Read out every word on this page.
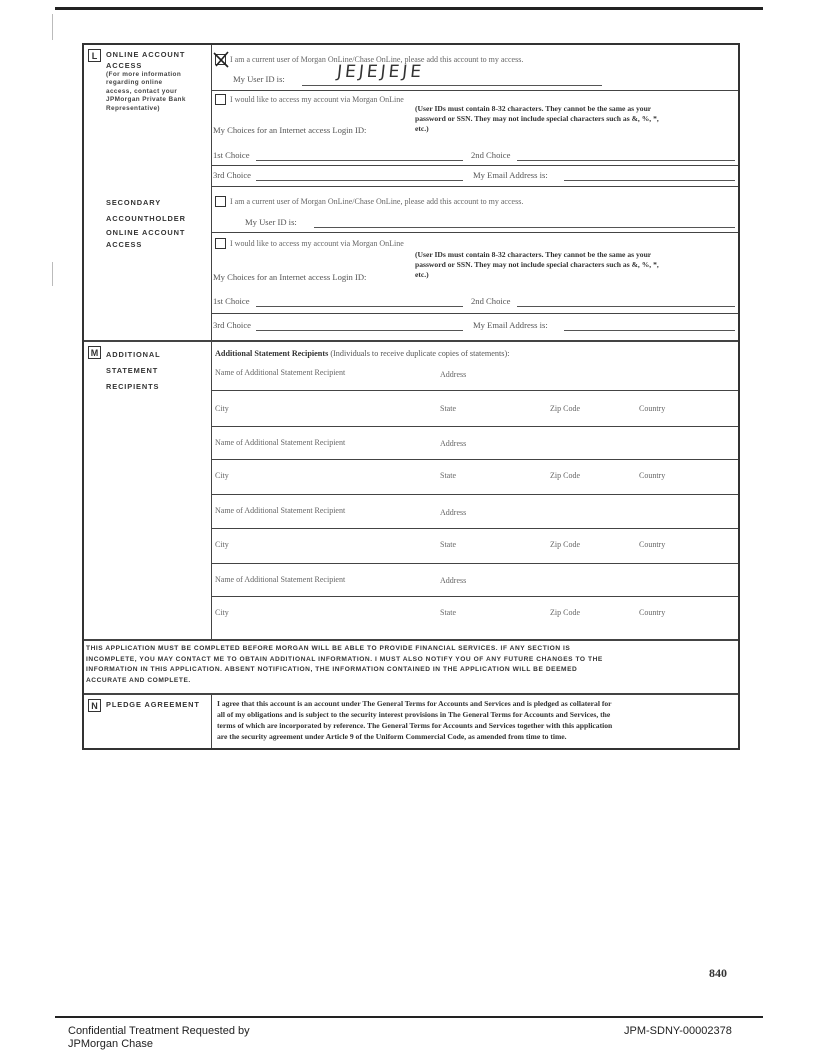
L	ONLINE ACCOUNT
ACCESS
(For more information
regarding online
access, contact your
JPMorgan Private Bank
Representative)
I am a current user of Morgan OnLine/Chase OnLine, please add this account to my access.
My User ID is:	JEJEJEJE
I would like to access my account via Morgan OnLine
My Choices for an Internet access Login ID:
(User IDs must contain 8-32 characters. They cannot be the same as your
password or SSN. They may not include special characters such as &, %, *,
etc.)
1st Choice	2nd Choice
3rd Choice	My Email Address is:
SECONDARY
ACCOUNTHOLDER
ONLINE ACCOUNT
ACCESS
I am a current user of Morgan OnLine/Chase OnLine, please add this account to my access.
My User ID is:
I would like to access my account via Morgan OnLine
My Choices for an Internet access Login ID:
(User IDs must contain 8-32 characters. They cannot be the same as your
password or SSN. They may not include special characters such as &, %, *,
etc.)
1st Choice	2nd Choice
3rd Choice	My Email Address is:
M	ADDITIONAL
STATEMENT
RECIPIENTS
Additional Statement Recipients (Individuals to receive duplicate copies of statements):
Name of Additional Statement Recipient	Address
City	State	Zip Code	Country
Name of Additional Statement Recipient	Address
City	State	Zip Code	Country
Name of Additional Statement Recipient	Address
City	State	Zip Code	Country
Name of Additional Statement Recipient	Address
City	State	Zip Code	Country
THIS APPLICATION MUST BE COMPLETED BEFORE MORGAN WILL BE ABLE TO PROVIDE FINANCIAL SERVICES. IF ANY SECTION IS
INCOMPLETE, YOU MAY CONTACT ME TO OBTAIN ADDITIONAL INFORMATION. I MUST ALSO NOTIFY YOU OF ANY FUTURE CHANGES TO THE
INFORMATION IN THIS APPLICATION. ABSENT NOTIFICATION, THE INFORMATION CONTAINED IN THE APPLICATION WILL BE DEEMED
ACCURATE AND COMPLETE.
N	PLEDGE AGREEMENT	I agree that this account is an account under The General Terms for Accounts and Services and is pledged as collateral for
all of my obligations and is subject to the security interest provisions in The General Terms for Accounts and Services, the
terms of which are incorporated by reference. The General Terms for Accounts and Services together with this application
are the security agreement under Article 9 of the Uniform Commercial Code, as amended from time to time.
840
Confidential Treatment Requested by
JPMorgan Chase
JPM-SDNY-00002378
